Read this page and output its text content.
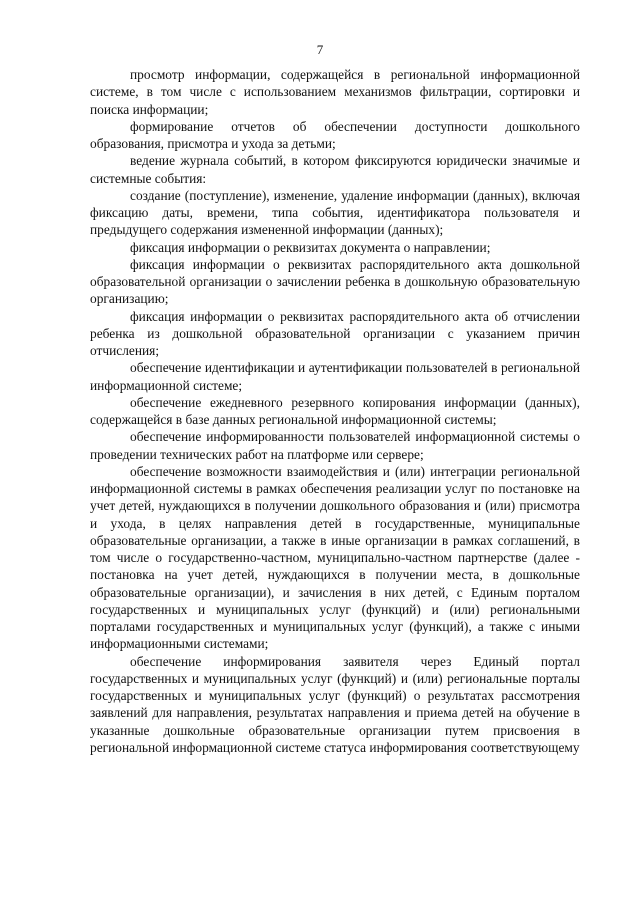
7

просмотр информации, содержащейся в региональной информационной системе, в том числе с использованием механизмов фильтрации, сортировки и поиска информации;

формирование отчетов об обеспечении доступности дошкольного образования, присмотра и ухода за детьми;

ведение журнала событий, в котором фиксируются юридически значимые и системные события:

создание (поступление), изменение, удаление информации (данных), включая фиксацию даты, времени, типа события, идентификатора пользователя и предыдущего содержания измененной информации (данных);

фиксация информации о реквизитах документа о направлении;

фиксация информации о реквизитах распорядительного акта дошкольной образовательной организации о зачислении ребенка в дошкольную образовательную организацию;

фиксация информации о реквизитах распорядительного акта об отчислении ребенка из дошкольной образовательной организации с указанием причин отчисления;

обеспечение идентификации и аутентификации пользователей в региональной информационной системе;

обеспечение ежедневного резервного копирования информации (данных), содержащейся в базе данных региональной информационной системы;

обеспечение информированности пользователей информационной системы о проведении технических работ на платформе или сервере;

обеспечение возможности взаимодействия и (или) интеграции региональной информационной системы в рамках обеспечения реализации услуг по постановке на учет детей, нуждающихся в получении дошкольного образования и (или) присмотра и ухода, в целях направления детей в государственные, муниципальные образовательные организации, а также в иные организации в рамках соглашений, в том числе о государственно-частном, муниципально-частном партнерстве (далее - постановка на учет детей, нуждающихся в получении места, в дошкольные образовательные организации), и зачисления в них детей, с Единым порталом государственных и муниципальных услуг (функций) и (или) региональными порталами государственных и муниципальных услуг (функций), а также с иными информационными системами;

обеспечение информирования заявителя через Единый портал государственных и муниципальных услуг (функций) и (или) региональные порталы государственных и муниципальных услуг (функций) о результатах рассмотрения заявлений для направления, результатах направления и приема детей на обучение в указанные дошкольные образовательные организации путем присвоения в региональной информационной системе статуса информирования соответствующему
